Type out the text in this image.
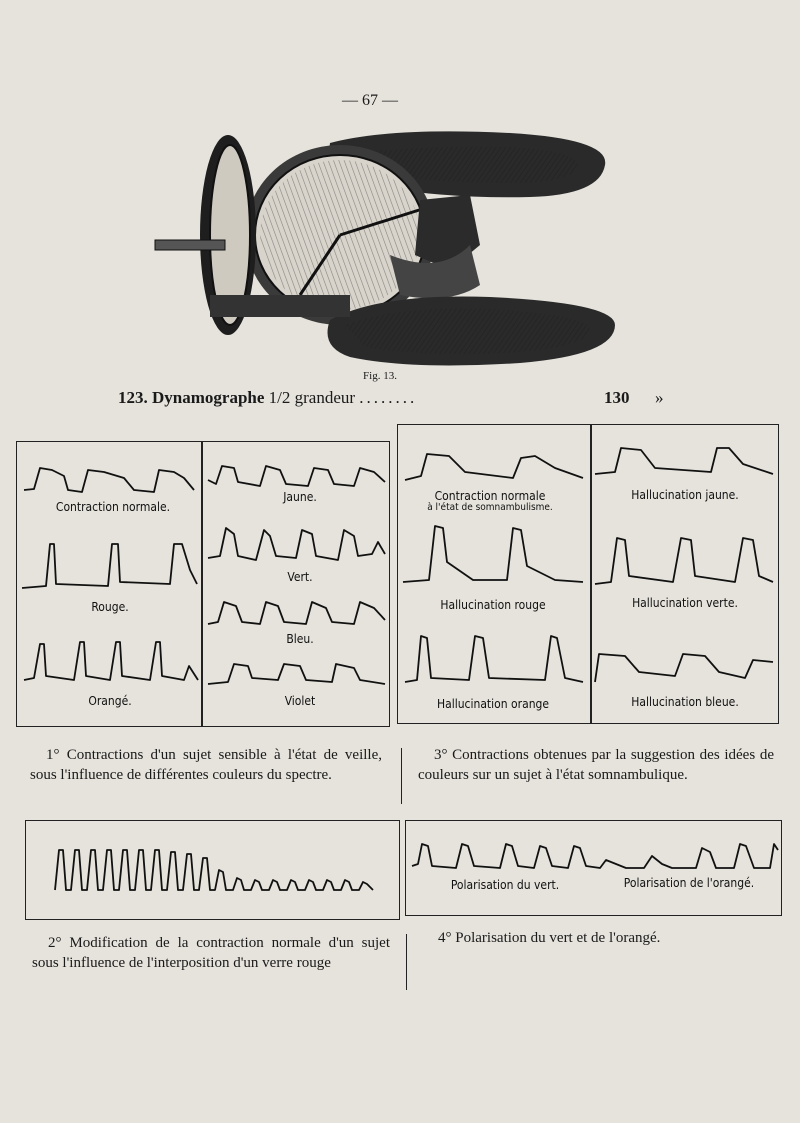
— 67 —
Fig. 13.
123. Dynamographe 1/2 grandeur ........	130 »
Contraction normale.
Rouge.
Orangé.
Jaune.
Vert.
Bleu.
Violet
Contraction normale
à l'état de somnambulisme.
Hallucination rouge
Hallucination orange
Hallucination jaune.
Hallucination verte.
Hallucination bleue.
1° Contractions d'un sujet sensible à l'état de veille, sous l'influence de différentes couleurs du spectre.
3° Contractions obtenues par la suggestion des idées de couleurs sur un sujet à l'état somnambulique.
Polarisation du vert.	Polarisation de l'orangé.
2° Modification de la contraction normale d'un sujet sous l'influence de l'interposition d'un verre rouge
4° Polarisation du vert et de l'orangé.
